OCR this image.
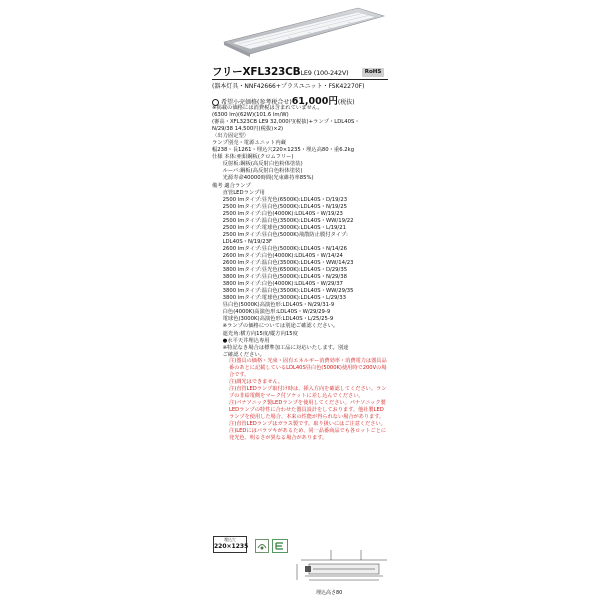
フリーXFL323CBLE9 (100-242V)	RoHS
(器本灯具・NNF42666+プラスユニット・FSK42270F)
希望小売価格(参考税合せ)61,000円(税抜)
※掲載の価格には消費税は含まれていません。
(6300 lm)(62W)(101.6 lm/W)
(審高・XFL323CB LE9 32,000円(税抜)+ランプ・LDL40S・
N/29/38 14,500円(税抜)×2)
〈出力固定型〉
ランプ別売・電源ユニット内蔵
幅238・長1261・埋込穴220×1235・埋込高80・重6.2kg
仕様 本体:亜鉛鋼板(クロムフリー)
　　反射板:鋼板(高反射白色粉体塗装)
　　ルーバ:鋼板(高反射白色粉体塗装)
　　光源寿命40000時間(光束維持率85%)
備考 適合ランプ
　　直管LEDランプ用
　　2500 lmタイプ:昼光色(6500K):LDL40S・D/19/23
　　2500 lmタイプ:昼白色(5000K):LDL40S・N/19/25
　　2500 lmタイプ:白色(4000K):LDL40S・W/19/23
　　2500 lmタイプ:温白色(3500K):LDL40S・WW/19/22
　　2500 lmタイプ:電球色(3000K):LDL40S・L/19/21
　　2500 lmタイプ:昼白色(5000K)飛散防止膜付タイプ:
　　LDL40S・N/19/23F
　　2600 lmタイプ:昼白色(5000K):LDL40S・N/14/26
　　2600 lmタイプ:白色(4000K):LDL40S・W/14/24
　　2600 lmタイプ:温白色(3500K):LDL40S・WW/14/23
　　3800 lmタイプ:昼光色(6500K):LDL40S・D/29/35
　　3800 lmタイプ:昼白色(5000K):LDL40S・N/29/38
　　3800 lmタイプ:白色(4000K):LDL40S・W/29/37
　　3800 lmタイプ:温白色(3500K):LDL40S・WW/29/35
　　3800 lmタイプ:電球色(3000K):LDL40S・L/29/33
　　昼白色(5000K)高演色形:LDL40S・N/29/31-9
　　白色(4000K)高演色形:LDL40S・W/29/29-9
　　電球色(3000K)高演色形:LDL40S・L/25/25-9
　　※ランプの価格については別途ご確認ください。
　　遮光角:横方向15度/縦方向15度
　　●水平天井埋込専用
　　※特記なき場合は標準加工品に対応いたします。別途
　　ご確認ください。

注)器具の価格・光束・固有エネルギー消費効率・消費電力は器具品番のあとに記載しているLDL40S昼白色(5000K)使用時で200Vの場合です。

注)調光はできません。

注)直管LEDランプ取付け時は、挿入方向を確認してください。ランプの非給電側をマーク付ソケットに差し込んでください。

注)パナソニック製LEDランプを使用してください。パナソニック製LEDランプの特性に合わせた器具設計をしております。他社製LEDランプを使用した場合、本来の性能が得られない場合があります。

注)直管LEDランプはガラス製です。取り扱いにはご注意ください。

注)LEDにはバラツキがあるため、同一品番商品でも各ロットごとに発光色、明るさが異なる場合があります。

埋込穴
220×1235
埋込高さ80
